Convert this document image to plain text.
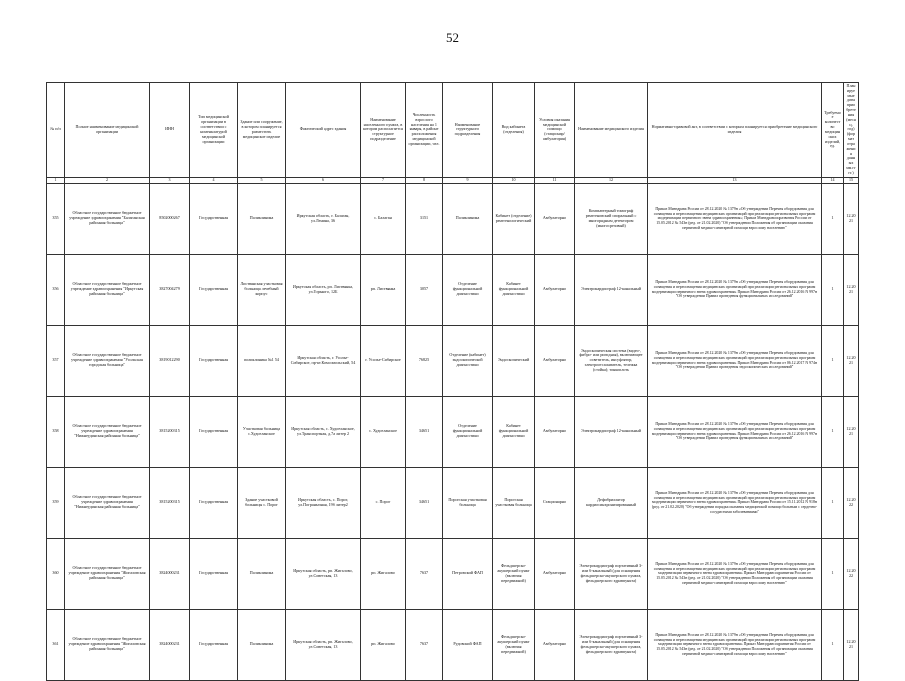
52
№ п/п	Полное наименование медицинской организации	ИНН	Тип медицинской организации в соответствии с номенклатурой медицинской организации	Здание или сооружение, в котором планируется разместить медицинское изделие	Фактический адрес здания	Наименование населенного пункта, в котором располагается структурное подразделение	Численность взрослого населения на 1 января, в районе расположения медицинской организации, чел.	Наименование структурного подразделения	Вид кабинета (отделения)	Условия оказания медицинской помощи (стационар/амбулатория)	Наименование медицинского изделия	Нормативно-правовой акт, в соответствии с которым планируется приобретение медицинского изделия	Требуемое количество медицинских изделий, ед.	Планируемые даты приобретения (месяц, год) (формат отражения данных мм.гггг.)
1	2	3	4	5	6	7	8	9	10	11	12	13	14	15
355	Областное государственное бюджетное учреждение здравоохранения "Балаганская районная больница"	8502000267	Государственная	Поликлиника	Иркутская область, г. Балаган, ул.Ленина, 36	с. Балаган	3151	Поликлиника	Кабинет (отделение) рентгенологический	Амбулаторно	Компьютерный томограф рентгеновский спиральный с многорядным детектором (многосрезовый)	Приказ Минздрава России от 28.12.2020 № 1379н «Об утверждении Перечня оборудования для оснащения и переоснащения медицинских организаций при реализации региональных программ модернизации первичного звена здравоохранения»; Приказ Минздравсоцразвития России от 15.05.2012 № 543н (ред. от 21.02.2020) "Об утверждении Положения об организации оказания первичной медико-санитарной помощи взрослому населению"	1	12.2021
356	Областное государственное бюджетное учреждение здравоохранения "Иркутская районная больница"	3827004279	Государственная	Листвянская участковая больница лечебный корпус	Иркутская область, рп. Листвянка, ул.Горького, 12Б	рп. Листвянка	3057	Отделение функциональной диагностики	Кабинет функциональной диагностики	Амбулаторно	Электрокардиограф 12-канальный	Приказ Минздрава России от 28.12.2020 № 1379н «Об утверждении Перечня оборудования для оснащения и переоснащения медицинских организаций при реализации региональных программ модернизации первичного звена здравоохранения» Приказ Минздрава России от 26.12.2016 N 997н "Об утверждении Правил проведения функциональных исследований"	1	12.2021
357	Областное государственное бюджетное учреждение здравоохранения "Усольская городская больница"	3819012290	Государственная	поликлиника №1 54	Иркутская область, г. Усолье-Сибирское, пр-кт.Комсомольский, 54	г. Усолье-Сибирское	76825	Отделение (кабинет) эндоскопической диагностики	Эндоскопический	Амбулаторно	Эндоскопическая система (видео-, фибро- или ригидная), включающее осветитель, инсуфлятор, электроотсасыватель, тележка (стойка); тонкоплоть	Приказ Минздрава России от 28.12.2020 № 1379н «Об утверждении Перечня оборудования для оснащения и переоснащения медицинских организаций при реализации региональных программ модернизации первичного звена здравоохранения» Приказ Минздрава России от 06.12.2017 N 974н "Об утверждении Правил проведения эндоскопических исследований"	1	12.2021
358	Областное государственное бюджетное учреждение здравоохранения "Нижнеудинская районная больница"	3815200315	Государственная	Участковая больница с.Худоеланское	Иркутская область, с. Худоеланское, ул.Транспортная, д.7а литер 2	с. Худоеланское	34651	Отделение функциональной диагностики	Кабинет функциональной диагностики	Амбулаторно	Электрокардиограф 12-канальный	Приказ Минздрава России от 28.12.2020 № 1379н «Об утверждении Перечня оборудования для оснащения и переоснащения медицинских организаций при реализации региональных программ модернизации первичного звена здравоохранения» Приказ Минздрава России от 26.12.2016 N 997н "Об утверждении Правил проведения функциональных исследований"	1	12.2021
359	Областное государственное бюджетное учреждение здравоохранения "Нижнеудинская районная больница"	3815200315	Государственная	Здание участковой больницы с. Порог	Иркутская область, с. Порог, ул.Погранычная, 19б литер2	с. Порог	34651	Порогская участковая больница	Порогская участковая больница	Стационарно	Дефибриллятор кардиосинхронизированный	Приказ Минздрава России от 28.12.2020 № 1379н «Об утверждении Перечня оборудования для оснащения и переоснащения медицинских организаций при реализации региональных программ модернизации первичного звена здравоохранения» Приказ Минздрава России от 15.11.2012 N 918н (ред. от 21.02.2020) "Об утверждении порядка оказания медицинской помощи больным с сердечно-сосудистыми заболеваниями"	1	12.2022
360	Областное государственное бюджетное учреждение здравоохранения "Жигаловская районная больница"	3824000231	Государственная	Поликлиника	Иркутская область, рп. Жигалово, ул.Советская, 13	рп. Жигалово	7637	Петровский ФАП	Фельдшерско-акушерский пункт (включая передвижной)	Амбулаторно	Электрокардиограф портативный 3- или 6-канальный (для оснащения фельдшерско-акушерского пункта, фельдшерского здравпункта)	Приказ Минздрава России от 28.12.2020 № 1379н «Об утверждении Перечня оборудования для оснащения и переоснащения медицинских организаций при реализации региональных программ модернизации первичного звена здравоохранения» Приказ Минздравсоцразвития России от 15.05.2012 № 543н (ред. от 21.02.2020) "Об утверждении Положения об организации оказания первичной медико-санитарной помощи взрослому населению"	1	12.2022
361	Областное государственное бюджетное учреждение здравоохранения "Жигаловская районная больница"	3824000231	Государственная	Поликлиника	Иркутская область, рп. Жигалово, ул.Советская, 13	рп. Жигалово	7637	Рудовский ФАП	Фельдшерско-акушерский пункт (включая передвижной)	Амбулаторно	Электрокардиограф портативный 3- или 6-канальный (для оснащения фельдшерско-акушерского пункта, фельдшерского здравпункта)	Приказ Минздрава России от 28.12.2020 № 1379н «Об утверждении Перечня оборудования для оснащения и переоснащения медицинских организаций при реализации региональных программ модернизации первичного звена здравоохранения» Приказ Минздравсоцразвития России от 15.05.2012 № 543н (ред. от 21.02.2020) "Об утверждении Положения об организации оказания первичной медико-санитарной помощи взрослому населению"	1	12.2021
